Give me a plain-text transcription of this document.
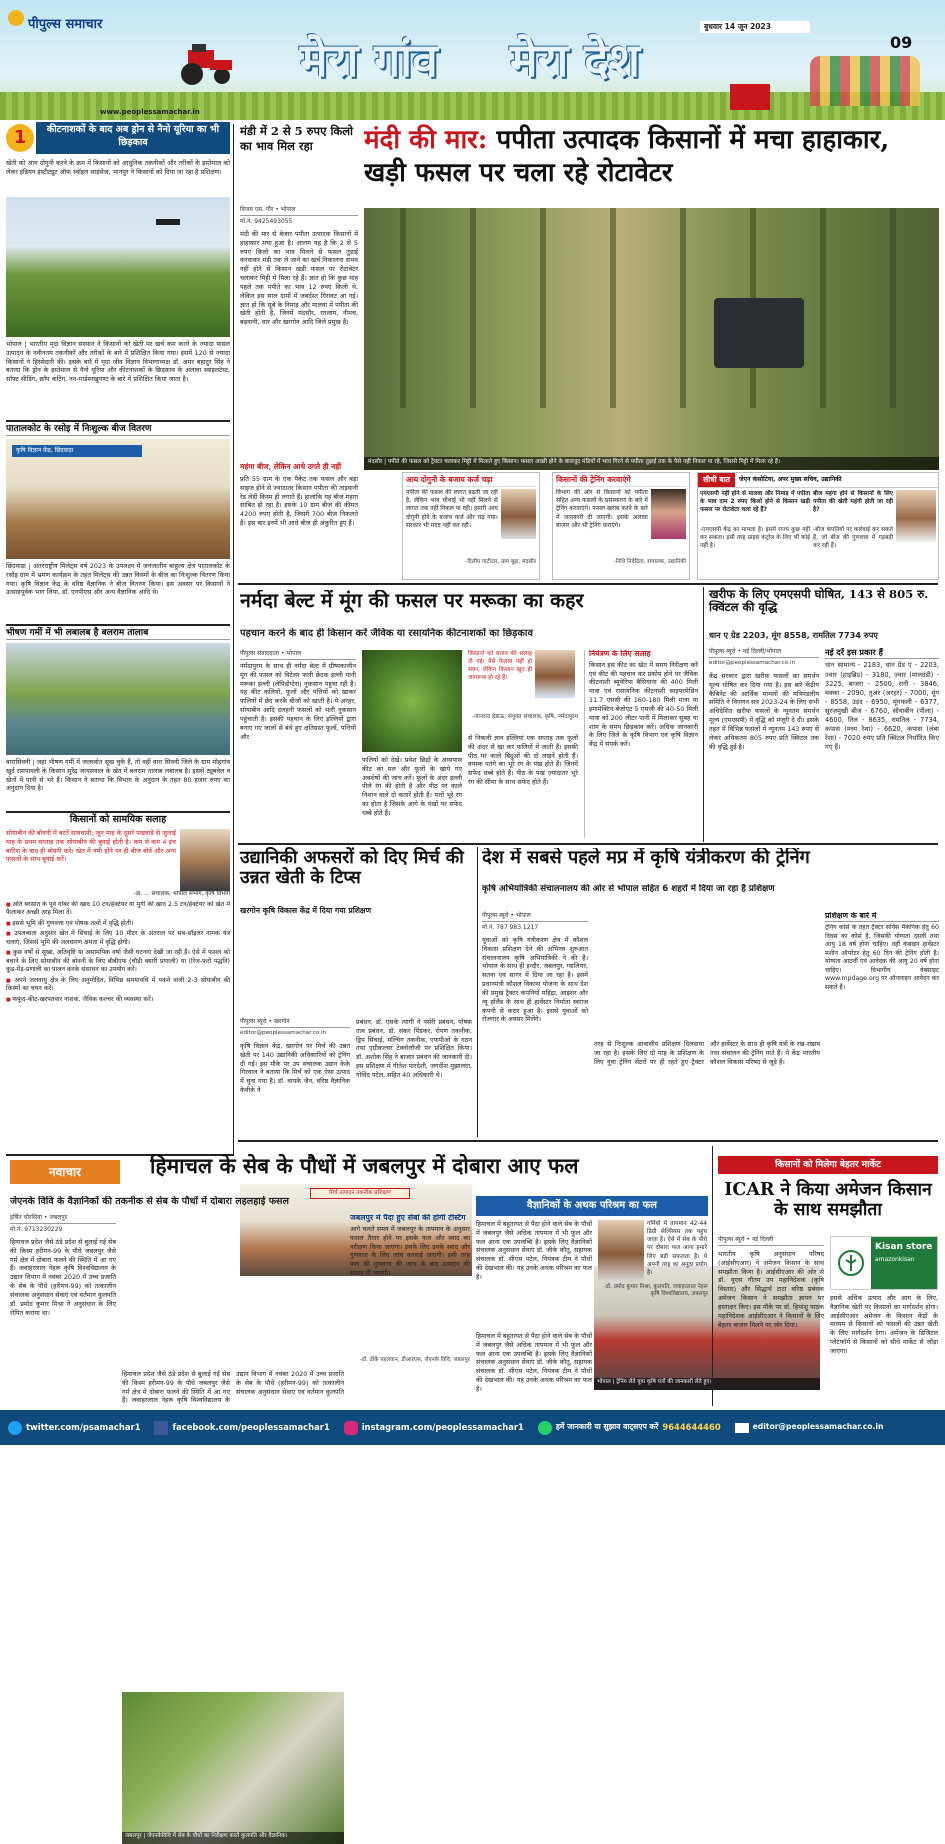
पीपुल्स समाचार
मेरा गांव मेरा देश
www.peoplessamachar.in
बुधवार 14 जून 2023
09
1	कीटनाशकों के बाद अब ड्रोन से नैनो यूरिया का भी छिड़काव
खेती को आय दोगुनी करने के क्रम में किसानों को आधुनिक तकनीकों और तरीकों के इस्तेमाल को लेकर इंडियन इंस्टीट्यूट ऑफ स्वॉइल साइंसेज, भानपुर ने किसानों को दिया जा रहा है प्रशिक्षण।
भोपाल | भारतीय मृदा विज्ञान संस्थान ने किसानों को खेती पर खर्च कम करने के ज्यादा फसल उत्पादन के नवीनतम तकनीकों और तरीकों के बारे में प्रशिक्षित किया गया। इसमें 120 से ज्यादा किसानों ने हिस्सेदारी की। इसके बारे में मृदा जीव विज्ञान विभागाध्यक्ष डॉ. अमर बहादुर सिंह ने बताया कि ड्रोन के इस्तेमाल से नैनो यूरिया और कीटनाशकों के छिड़काव के अलावा स्वाइलटेस्ट, सॉफ्ट सीडिंग, क्रॉप कटिंग, नन-मार्डस्नखुपण्ट के बारे में प्रशिक्षित किया जाता है।
पातालकोट के रसोइ में निःशुल्क बीज वितरण
कृषि विज्ञान केंद्र, छिंदवाड़ा
छिंदवाड़ा | अंतरराष्ट्रीय मिलेट्स वर्ष 2023 के उपलक्ष्य में जनजातीय बाहुल्य क्षेत्र पातालकोट के रसोइ ग्राम में भ्रमण कार्यक्रम के तहत मिलेट्स की उन्नत किस्मों के बीज का निःशुल्क वितरण किया गया। कृषि विज्ञान केंद्र के वरिष्ठ वैज्ञानिक ने बीज वितरण किया। इस अवसर पर किसानों ने उत्साहपूर्वक भाग लिया, डॉ. एनपीएस और अन्य वैज्ञानिक आदि थे।
भीषण गर्मी में भी लबालब है बलराम तालाब
वारासिवनी | जहां भीषण गर्मी में जलस्त्रोत सूख चुके हैं, तो वहीं वारा सिवनी जिले के ग्राम मोहगांव खुर्द रामपायली के किसान सुरेंद्र जायसवाल के खेत में बलराम तालाब लबालब है। इससे ट्यूबवेल व खेतों में पानी से भरे हैं। किसान ने बताया कि विभाग के अनुदान के तहत 80 हजार रुपए का अनुदान दिया है।
किसानों को सामयिक सलाह
सोयाबीन की बोवनी में बरतें सावधानी: जून माह के दूसरे पखवाड़े से जुलाई माह के प्रथम सप्ताह तक सोयाबीन की बुवाई होती है। कम से कम 4 इंच बारिश के बाद ही बोवनी करें। खेत में नमी होने पर ही बीज बोवें और अन्य फसलों के साथ बुवाई करें।
-डॉ. ... संचालक, भोपाल संभाग, कृषि विभाग
■ अति बरसात के पूर्व गोबर की खाद 10 टन/हेक्टेयर या मुर्गी की खाद 2.5 टन/हेक्टेयर को खेत में फैलाकर अच्छी तरह मिला दें।
■ इससे भूमि की गुणवत्ता एवं पोषक तत्वों में वृद्धि होती।
■ उपलब्धता अनुसार खेत में सिंचाई के लिए 10 मीटर के अंतराल पर सब-सॉइलर नामक यंत्र चलाएं, जिससे भूमि की जलधारण क्षमता में वृद्धि होगी।
■ कुछ वर्षों से सूखा, अतिवृष्टि या असामयिक वर्षा जैसी घटनाएं देखी जा रही हैं। ऐसे में फसल को बचाने के लिए सोयाबीन की बोवनी के लिए बीबीएफ (चौड़ी क्यारी प्रणाली) या (रिज-फरो पद्धति) कूड़-मेड़-प्रणाली का पालन करके संसाधन का उपयोग करें।
■ अपने जलवायु क्षेत्र के लिए अनुमोदित, विभिन्न समयावधि में पकने वाली 2-3 सोयाबीन की किस्मों का चयन करें।
■ फफूंद-कीट-खरपतवार नाशक, जैविक कल्चर की व्यवस्था करें।
मंडी में 2 से 5 रुपए किलो का भाव मिल रहा	मंदी की मार: पपीता उत्पादक किसानों में मचा हाहाकार, खड़ी फसल पर चला रहे रोटावेटर
विजय एस. गौर • भोपाल
मो.नं. 9425493055
मंदी की मार से बेजार पपीता उत्पादक किसानों में हाहाकार मचा हुआ है। आलम यह है कि 2 से 5 रुपए किलो का भाव मिलने से फसल तुड़ाई करवाकर मंडी तक ले जाने का खर्च निकालना संभव नहीं होने से किसान खड़ी फसल पर रोटावेटर चलाकर मिट्टी में मिला रहे हैं। ज्ञात हो कि कुछ माह पहले तक पपीते का भाव 12 रुपए किलो थे, लेकिन इस साल दामों में जबर्दस्त गिरावट आ गई। ज्ञात हो कि सूबे के निमाड़ और मालवा में पपीता की खेती होती है, जिनमें मंदसौर, रतलाम, नीमच, बड़वानी, धार और खरगोन आदि जिले प्रमुख हैं।
महंगा बीज, लेकिन आधे उगते ही नहीं
प्रति 55 ग्राम के एक पैकेट तक फसल और बड़ा साइज होने से ज्यादातर किसान पपीता की ताइवानी रेड लेडी किस्म ही लगाते हैं। हालांकि यह बीज महंगा साबित हो रहा है। इसके 10 ग्राम बीज की कीमत 4200 रुपए होती है, जिसमें 700 बीज निकलते हैं। इस बार इनमें भी आधे बीज ही अंकुरित हुए हैं।
मंदसौर | पपीते की फसल को ट्रैक्टर चलाकर मिट्टी में मिलाते हुए किसान। फसल अच्छी होने के बावजूद मंडियों में भाव गिरने से पपीता तुड़ाई तक के पैसे नहीं निकल पा रहे, जिससे मिट्टी में मिला रहे हैं।
आय दोगुनी के बजाय कर्ज चढ़ा
पपीता की फसल की लागत बढ़ती जा रही है, लेकिन भाव चौथाई भी नहीं मिलने से लागत तक नहीं निकल पा रही। हमारी आय दोगुनी होने के बजाय कर्ज और चढ़ गया। सरकार भी मदद नहीं कर रही।
-दिलीप पाटीदार, ग्राम बूढ़ा, मंदसौर
किसानों की ट्रेनिंग करवाएंगे
विभाग की ओर से किसानों को पपीता सहित अन्य फसलों के प्रसंस्करण के बारे में ट्रेनिंग करवाएंगे। फसल ख़राब करने के बारे में जानकारी दी जाएगी। इसके अलावा बाजार और भी ट्रेनिंग कराएंगे।
-निधि निवेदिता, संचालक, उद्यानिकी
सीधी बात	जेएन कंसोटिया, अपर मुख्य सचिव, उद्यानिकी
एमएसपी नहीं होने से मालवा और निमाड़ में पपीता के भाव दाम 2 रुपए किलो होने से किसान खड़ी फसल पर रोटावेटर चला रहे हैं?
-एमएसपी केंद्र का मामला है। इसमें राज्य कुछ नहीं कर सकता। इसी तरह प्राइस कंट्रोल के लिए भी कोई नहीं है।
बीज महंगा होने से किसानों के लिए पपीता की खेती महंगी होती जा रही है?
-बीज कंपनियों पर कार्रवाई कर सकते हैं, जो बीज की गुणवत्ता में गड़बड़ी कर रही हैं।
नर्मदा बेल्ट में मूंग की फसल पर मरूका का कहर
पहचान करने के बाद ही किसान करें जैविक या रसायनिक कीटनाशकों का छिड़काव
पीपुल्स संवाददाता • भोपाल
नर्मदापुरम के साथ ही नर्मदा बेल्ट में ग्रीष्मकालीन मूंग की फसल को विटेलर फली छेदक इल्ली यानी मरूका इल्ली (लेपिडोप्टेरा) नुकसान पहुंचा रही है। यह कीट कलियों, फूलों और पत्तियों को खाकर फलियों में छेद करके बीजों को खाती है। ये अरहर, सोयाबीन आदि दलहनी फसलों को भारी नुकसान पहुंचाती है। इसकी पहचान के लिए इल्लियों द्वारा बनाए गए जालों से बंधे हुए क्षतिग्रस्त फूलों, पत्तियों और
फलियों को देखें। प्रवेश छिद्रों के आसपास कीट का मल और फूलों के खाये गए अवशेषों की जांच करें। फूलों के अंदर इल्ली पीले रंग की होती है और पीठ पर काले निशान वाले दो कतारें होती हैं। पत्तों भूरे रंग का होता है जिसके आगे के पंखों पर सफेद धब्बे होते हैं।
किसानों को बचाव की सलाह दी गई। वैसे फैलाव नहीं हो सका, लेकिन किसान खुद ही जागरूक हो रहे हैं।
-जानराव हेडाऊ, संयुक्त संचालक, कृषि, नर्मदापुरम
से निकली ज्ञान इल्लियां एक सप्ताह तक फूलों की अंदर से खा कर फलियों में जाती हैं। इसकी पीठ पर काले बिंदुओं की दो लाइनें होती हैं। वयस्क पतंगे का भूरे रंग के पंख होते हैं। जिनमें सफेद धब्बे होते हैं। पीठ के पंख ज़्यादातर भूरे रंग की सीमा के साथ सफेद होते हैं।
नियंत्रण के लिए सलाह
किसान इस कीट का खेत में समय निरीक्षण करें एवं कीट की पहचान कर प्रकोप होने पर जैविक कीटनाशी ब्यूवेरिया बैसियाना की 400 मिली मात्रा एवं रासायनिक कीटनाशी साइपरमेथ्रिन 11.7 एससी की 160-180 मिली मात्रा या इमामेक्टिन बेंजोएट 5 एसजी की 40-50 मिली मात्रा को 200 लीटर पानी में मिलाकर सुबह या शाम के समय छिड़काव करें। अधिक जानकारी के लिए जिले के कृषि विभाग एवं कृषि विज्ञान केंद्र में संपर्क करें।
खरीफ के लिए एमएसपी घोषित, 143 से 805 रु. क्विंटल की वृद्धि
धान ए ग्रेड 2203, मूंग 8558, रामतिल 7734 रुपए
पीपुल्स ब्यूरो • नई दिल्ली/भोपाल
editor@peoplessamachar.co.in
केंद्र सरकार द्वारा खरीफ फसलों का समर्थन मूल्य घोषित कर दिया गया है। इस बारे केंद्रीय कैबिनेट की आर्थिक मामलों की मंत्रिमंडलीय समिति ने विपणन सत्र 2023-24 के लिए सभी अधिदेशित खरीफ फसलों के न्यूनतम समर्थन मूल्य (एमएसपी) में वृद्धि को मंजूरी दे दी। इसके तहत में विभिन्न फसलों में न्यूनतम 143 रुपए से लेकर अधिकतम 805 रुपए प्रति क्विंटल तक की वृद्धि हुई है।
नई दरें इस प्रकार हैं
धान सामान्य - 2183, धान ग्रेड ए - 2203, ज्वार (हाइब्रिड) - 3180, ज्वार (मालदंडी) - 3225, बाजरा - 2500, रागी - 3846, मक्का - 2090, तुअर (अरहर) - 7000, मूंग - 8558, उड़द - 6950, मूंगफली - 6377, सूरजमुखी बीज - 6760, सोयाबीन (पीला) - 4600, तिल - 8635, रामतिल - 7734, कपास (मध्य रेशा) - 6620, कपास (लंबा रेशा) - 7020 रुपए प्रति क्विंटल निर्धारित किए गए हैं।
उद्यानिकी अफसरों को दिए मिर्च की उन्नत खेती के टिप्स
खरगोन कृषि विकास केंद्र में दिया गया प्रशिक्षण
मिर्च उत्पादन तकनीक प्रशिक्षण
पीपुल्स ब्यूरो • खरगोन
editor@peoplessamachar.co.in
कृषि विज्ञान केंद्र, खरगोन पर मिर्च की उन्नत खेती पर 140 उद्यानिकी अधिकारियों को ट्रेनिंग दी गई। इस मौके पर उप संचालक उद्यान केके गिरवाल ने बताया कि मिर्च को एक ऐसा उत्पाद में चुना गया है। डॉ. वायके जैन, वरिष्ठ वैज्ञानिक केवीके ने
प्रबंधन, डॉ. एसके त्यागी ने नर्सरी प्रबंधन, पोषक तत्व प्रबंधन, डॉ. संकर पिंडकर, रोपण तकनीक, ड्रिप सिंचाई, मल्चिंग तकनीक, एफपीओ के गठन तथा एग्रीकल्चर टेक्नोलॉजी पर प्रशिक्षित किया। डॉ. अशोक सिंह ने बाजार प्रबंधन की जानकारी दी। इस प्रशिक्षण में गीतेश पारदेशी, जगदीश मुझालदा, गोविंद पटेल, सहित 40 अधिकारी थे।
देश में सबसे पहले मप्र में कृषि यंत्रीकरण की ट्रेनिंग
कृषि अभियांत्रिकी संचालनालय की ओर से भोपाल सहित 6 शहरों में दिया जा रहा है प्रशिक्षण
पीपुल्स ब्यूरो • भोपाल
मो.नं. 787 983 1217
युवाओं को कृषि यंत्रीकरण क्षेत्र में कौशल विकास प्रशिक्षण देने की अभिनव शुरुआत संचालनालय कृषि अभियांत्रिकी ने की है। भोपाल के साथ ही इन्दौर, जबलपुर, ग्वालियर, सतना एवं सागर में दिया जा रहा है। इसमें प्रधानमंत्री कौशल विकास योजना के साथ देश की प्रमुख ट्रैक्टर कंपनियों महिंद्रा, आइशर और न्यू हॉलैंड के साथ ही हार्वेस्टर निर्माता स्वराज कंपनी से करार हुआ है। इससे युवाओं को रोजगार के अवसर मिलेंगे।
भोपाल | ट्रेनिंग लेते युवा कृषि यंत्रों की जानकारी लेते हुए।
तरह से निःशुल्क आवासीय प्रशिक्षण दिलवाया जा रहा है। इसके लिए दो माह के प्रशिक्षण के लिए युवा ट्रेनिंग सेंटरों पर ही रहते हुए ट्रैक्टर और हार्वेस्टर के साथ ही कृषि यंत्रों के रख-रखाव तथा संचालन की ट्रेनिंग पाते हैं। ये केंद्र भारतीय कौशल विकास परिषद से जुड़े हैं।
प्रशिक्षण के बारे में
ट्रेनिंग कोर्स के तहत ट्रैक्टर सर्विस मैकेनिक हेतु 60 दिवस का कोर्स है, जिसकी योग्यता दसवीं तथा आयु 18 वर्ष होना चाहिए। वहीं कंबाइन हार्वेस्टर मशीन ऑपरेटर हेतु 60 दिन की ट्रेनिंग होती है। योग्यता आठवीं एवं आवेदक की आयु 20 वर्ष होना चाहिए। विभागीय वेबसाइट www.mpdage.org पर ऑनलाइन आवेदन कर सकते हैं।
नवाचार	हिमाचल के सेब के पौधों में जबलपुर में दोबारा आए फल
जेएनके विवि के वैज्ञानिकों की तकनीक से सेब के पौधों में दोबारा लहलहाई फसल
हर्षित चौरसिया • जबलपुर
मो.नं. 9713230229
हिमाचल प्रदेश जैसे ठंडे प्रदेश से बुलाई गई सेब की किस्म हरीमन-99 के पौधे जबलपुर जैसे गर्म क्षेत्र में दोबारा फलने की स्थिति में आ गए हैं। जवाहरलाल नेहरू कृषि विश्वविद्यालय के उद्यान विभाग में नवंबर 2020 में उच्च प्रजाति के सेब के पौधे (हरीमन-99) को तत्कालीन संचालक अनुसंधान सेवाएं एवं वर्तमान कुलपति डॉ. प्रमोद कुमार मिश्रा ने अनुसंधान के लिए रोपित कराया था।
जबलपुर | जेएनकेविवि में सेब के पौधों का निरीक्षण करते कुलपति और वैज्ञानिक।
हिमाचल प्रदेश जैसे ठंडे प्रदेश से बुलाई गई सेब की किस्म हरीमन-99 के पौधे जबलपुर जैसे गर्म क्षेत्र में दोबारा फलने की स्थिति में आ गए हैं। जवाहरलाल नेहरू कृषि विश्वविद्यालय के उद्यान विभाग में नवंबर 2020 में उच्च प्रजाति के सेब के पौधे (हरीमन-99) को तत्कालीन संचालक अनुसंधान सेवाएं एवं वर्तमान कुलपति
जबलपुर में पैदा हुए सेबों की होगी टेस्टिंग
आगे चलते समय में जबलपुर के तापमान के अनुसार फसल तैयार होने पर इसके फल और स्वाद का परीक्षण किया जाएगा। इसके लिए उनके स्वाद और गुणवत्ता के लिए जांच करवाई जाएगी। इसी तरह फल की गुणवत्ता की जांच के बाद उत्पादन की सलाह दी जाएगी।
-डॉ. डीके पहलवान, डीआरएस, जेएनके विवि, जबलपुर
वैज्ञानिकों के अथक परिश्रम का फल
हिमाचल में बहुतायत से पैदा होने वाले सेब के पौधों में जबलपुर जैसे अधिक तापमान में भी फूल और फल आना एक उपलब्धि है। इसके लिए वैज्ञानिकों संचालक अनुसंधान सेवाएं डॉ. जीके कौतू, सहायक संचालक डॉ. सीएस पटेल, नियंत्रक टीम ने पौधों की देखभाल की। यह उनके अथक परिश्रम का फल है।
गर्मियों में तापमान 42-44 डिग्री सेल्सियस तक पहुंच जाता है। ऐसे में सेब के पौधे पर दोबारा फल आना हमारे लिए बड़ी सफलता है। ये अपनी तरह का अनूठा प्रयोग है।
-डॉ. प्रमोद कुमार मिश्रा, कुलपति, जवाहरलाल नेहरू कृषि विश्वविद्यालय, जबलपुर
हिमाचल में बहुतायत से पैदा होने वाले सेब के पौधों में जबलपुर जैसे अधिक तापमान में भी फूल और फल आना एक उपलब्धि है। इसके लिए वैज्ञानिकों संचालक अनुसंधान सेवाएं डॉ. जीके कौतू, सहायक संचालक डॉ. सीएस पटेल, नियंत्रक टीम ने पौधों की देखभाल की। यह उनके अथक परिश्रम का फल है।
किसानों को मिलेगा बेहतर मार्केट
ICAR ने किया अमेजन किसान के साथ समझौता
पीपुल्स ब्यूरो • नई दिल्ली
भारतीय कृषि अनुसंधान परिषद (आईसीएआर) ने अमेजन किसान के साथ समझौता किया है। आईसीएआर की ओर से डॉ. यूएस गौतम उप महानिदेशक (कृषि विस्तार) और सिद्धार्थ टाटा वरिष्ठ प्रबंधक अमेजन किसान ने समझौता ज्ञापन पर हस्ताक्षर किए। इस मौके पर डॉ. हिमांशु पाठक महानिदेशक आईसीएआर ने किसानों के लिए बेहतर बाजार मिलने पर जोर दिया।
Kisan store
amazonkisan
इससे अधिक उत्पाद और आय के लिए, वैज्ञानिक खेती पर किसानों का मार्गदर्शन होगा। आईसीएआर अमेजन के किसान केंद्रों के माध्यम से किसानों को फसलों की उन्नत खेती के लिए मार्गदर्शन देगा। अमेजन के डिजिटल प्लेटफॉर्म से किसानों को सीधे मार्केट से जोड़ा जाएगा।
twitter.com/psamachar1	facebook.com/peoplessamachar1	instagram.com/peoplessamachar1	हमें जानकारी या सुझाव वाट्सएप करें 9644644460	editor@peoplessamachar.co.in
